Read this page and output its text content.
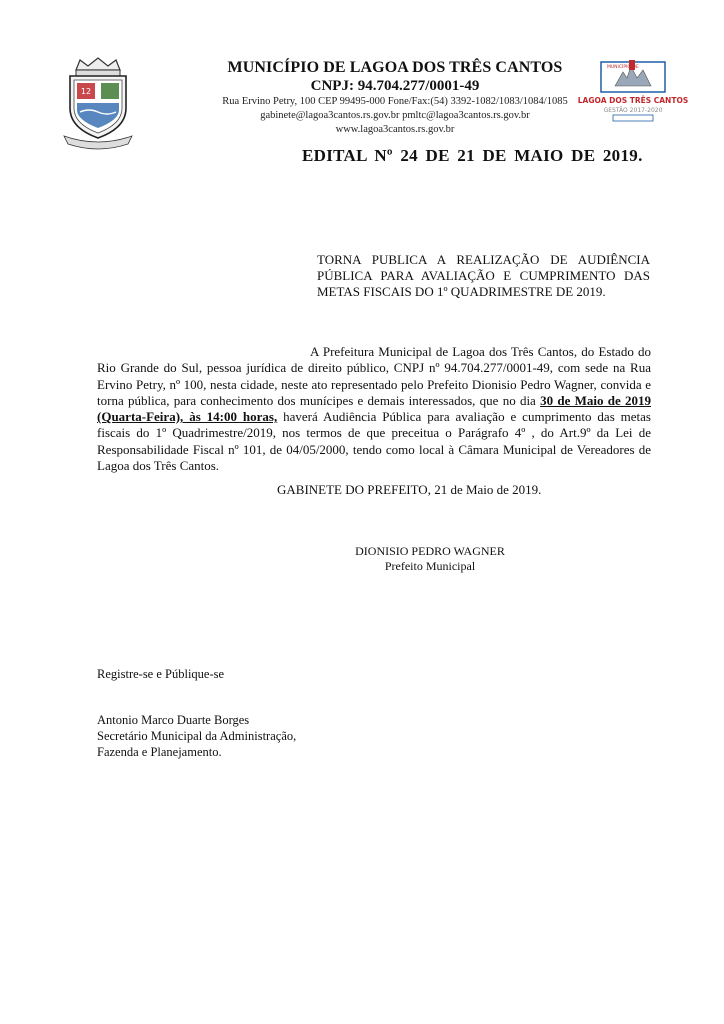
12
MUNICÍPIO DE LAGOA DOS TRÊS CANTOS
CNPJ: 94.704.277/0001-49
Rua Ervino Petry, 100 CEP 99495-000 Fone/Fax:(54) 3392-1082/1083/1084/1085
gabinete@lagoa3cantos.rs.gov.br pmltc@lagoa3cantos.rs.gov.br
www.lagoa3cantos.rs.gov.br
MUNICÍPIO DE
LAGOA DOS TRÊS CANTOS
GESTÃO 2017-2020
EDITAL Nº 24 DE 21 DE MAIO DE 2019.
TORNA PUBLICA A REALIZAÇÃO DE AUDIÊNCIA PÚBLICA PARA AVALIAÇÃO E CUMPRIMENTO DAS METAS FISCAIS DO 1º QUADRIMESTRE DE 2019.
A Prefeitura Municipal de Lagoa dos Três Cantos, do Estado do Rio Grande do Sul, pessoa jurídica de direito público, CNPJ nº 94.704.277/0001-49, com sede na Rua Ervino Petry, nº 100, nesta cidade, neste ato representado pelo Prefeito Dionisio Pedro Wagner, convida e torna pública, para conhecimento dos munícipes e demais interessados, que no dia 30 de Maio de 2019 (Quarta-Feira), às 14:00 horas, haverá Audiência Pública para avaliação e cumprimento das metas fiscais do 1º Quadrimestre/2019, nos termos de que preceitua o Parágrafo 4º , do Art.9º da Lei de Responsabilidade Fiscal nº 101, de 04/05/2000, tendo como local à Câmara Municipal de Vereadores de Lagoa dos Três Cantos.
GABINETE DO PREFEITO, 21 de Maio de 2019.
DIONISIO PEDRO WAGNER
Prefeito Municipal
Registre-se e Públique-se
Antonio Marco Duarte Borges
Secretário Municipal da Administração,
Fazenda e Planejamento.
